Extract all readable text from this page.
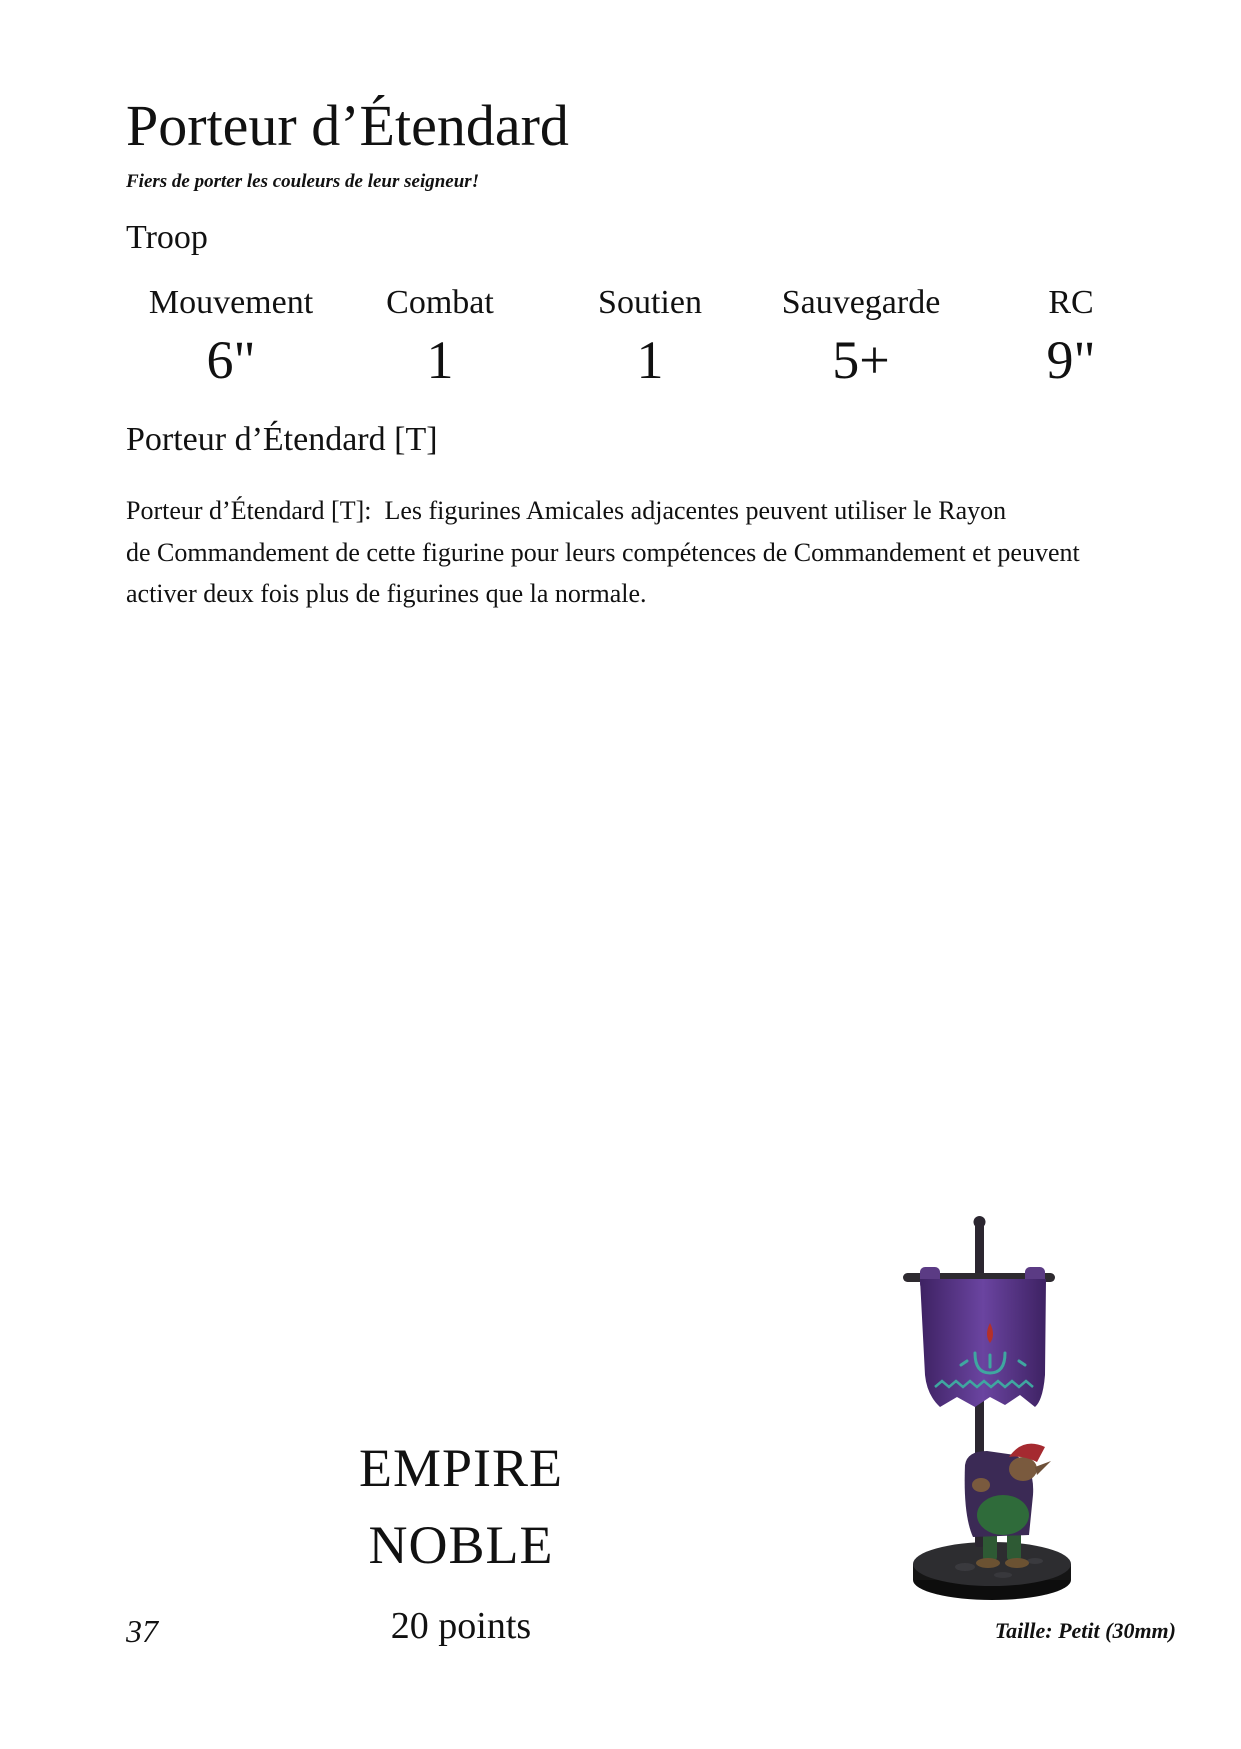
Porteur d’Étendard
Fiers de porter les couleurs de leur seigneur!
Troop
Mouvement
6"
Combat
1
Soutien
1
Sauvegarde
5+
RC
9"
Porteur d’Étendard [T]
Porteur d’Étendard [T]:  Les figurines Amicales adjacentes peuvent utiliser le Rayon
de Commandement de cette figurine pour leurs compétences de Commandement et peuvent
activer deux fois plus de figurines que la normale.
EMPIRE
NOBLE
20 points
37	Taille: Petit (30mm)
